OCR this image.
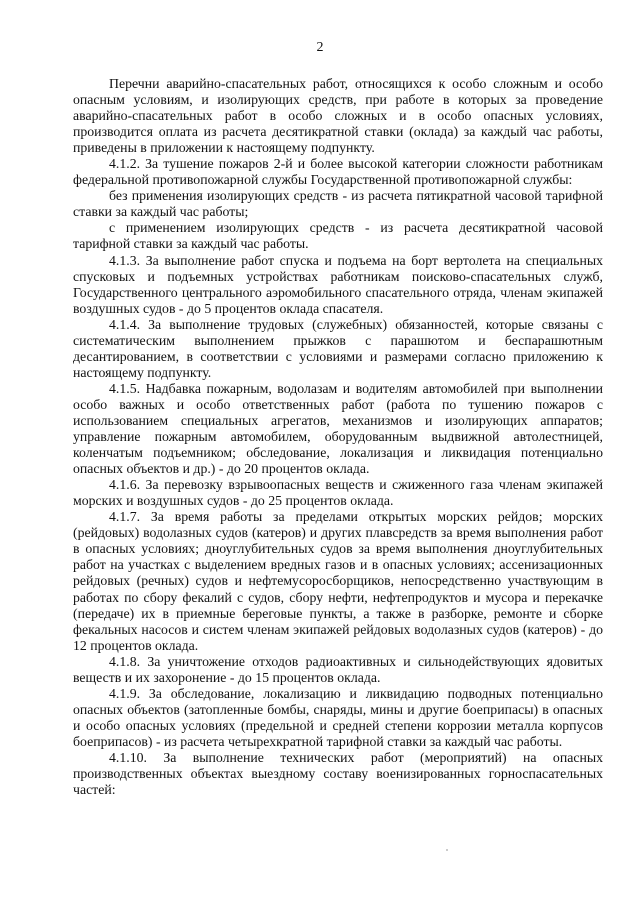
2

Перечни аварийно-спасательных работ, относящихся к особо сложным и особо опасным условиям, и изолирующих средств, при работе в которых за проведение аварийно-спасательных работ в особо сложных и в особо опасных условиях, производится оплата из расчета десятикратной ставки (оклада) за каждый час работы, приведены в приложении к настоящему подпункту.

4.1.2. За тушение пожаров 2-й и более высокой категории сложности работникам федеральной противопожарной службы Государственной противопожарной службы:

без применения изолирующих средств - из расчета пятикратной часовой тарифной ставки за каждый час работы;

с применением изолирующих средств - из расчета десятикратной часовой тарифной ставки за каждый час работы.

4.1.3. За выполнение работ спуска и подъема на борт вертолета на специальных спусковых и подъемных устройствах работникам поисково-спасательных служб, Государственного центрального аэромобильного спасательного отряда, членам экипажей воздушных судов - до 5 процентов оклада спасателя.

4.1.4. За выполнение трудовых (служебных) обязанностей, которые связаны с систематическим выполнением прыжков с парашютом и беспарашютным десантированием, в соответствии с условиями и размерами согласно приложению к настоящему подпункту.

4.1.5. Надбавка пожарным, водолазам и водителям автомобилей при выполнении особо важных и особо ответственных работ (работа по тушению пожаров с использованием специальных агрегатов, механизмов и изолирующих аппаратов; управление пожарным автомобилем, оборудованным выдвижной автолестницей, коленчатым подъемником; обследование, локализация и ликвидация потенциально опасных объектов и др.) - до 20 процентов оклада.

4.1.6. За перевозку взрывоопасных веществ и сжиженного газа членам экипажей морских и воздушных судов - до 25 процентов оклада.

4.1.7. За время работы за пределами открытых морских рейдов; морских (рейдовых) водолазных судов (катеров) и других плавсредств за время выполнения работ в опасных условиях; дноуглубительных судов за время выполнения дноуглубительных работ на участках с выделением вредных газов и в опасных условиях; ассенизационных рейдовых (речных) судов и нефтемусоросборщиков, непосредственно участвующим в работах по сбору фекалий с судов, сбору нефти, нефтепродуктов и мусора и перекачке (передаче) их в приемные береговые пункты, а также в разборке, ремонте и сборке фекальных насосов и систем членам экипажей рейдовых водолазных судов (катеров) - до 12 процентов оклада.

4.1.8. За уничтожение отходов радиоактивных и сильнодействующих ядовитых веществ и их захоронение - до 15 процентов оклада.

4.1.9. За обследование, локализацию и ликвидацию подводных потенциально опасных объектов (затопленные бомбы, снаряды, мины и другие боеприпасы) в опасных и особо опасных условиях (предельной и средней степени коррозии металла корпусов боеприпасов) - из расчета четырехкратной тарифной ставки за каждый час работы.

4.1.10. За выполнение технических работ (мероприятий) на опасных производственных объектах выездному составу военизированных горноспасательных частей:
